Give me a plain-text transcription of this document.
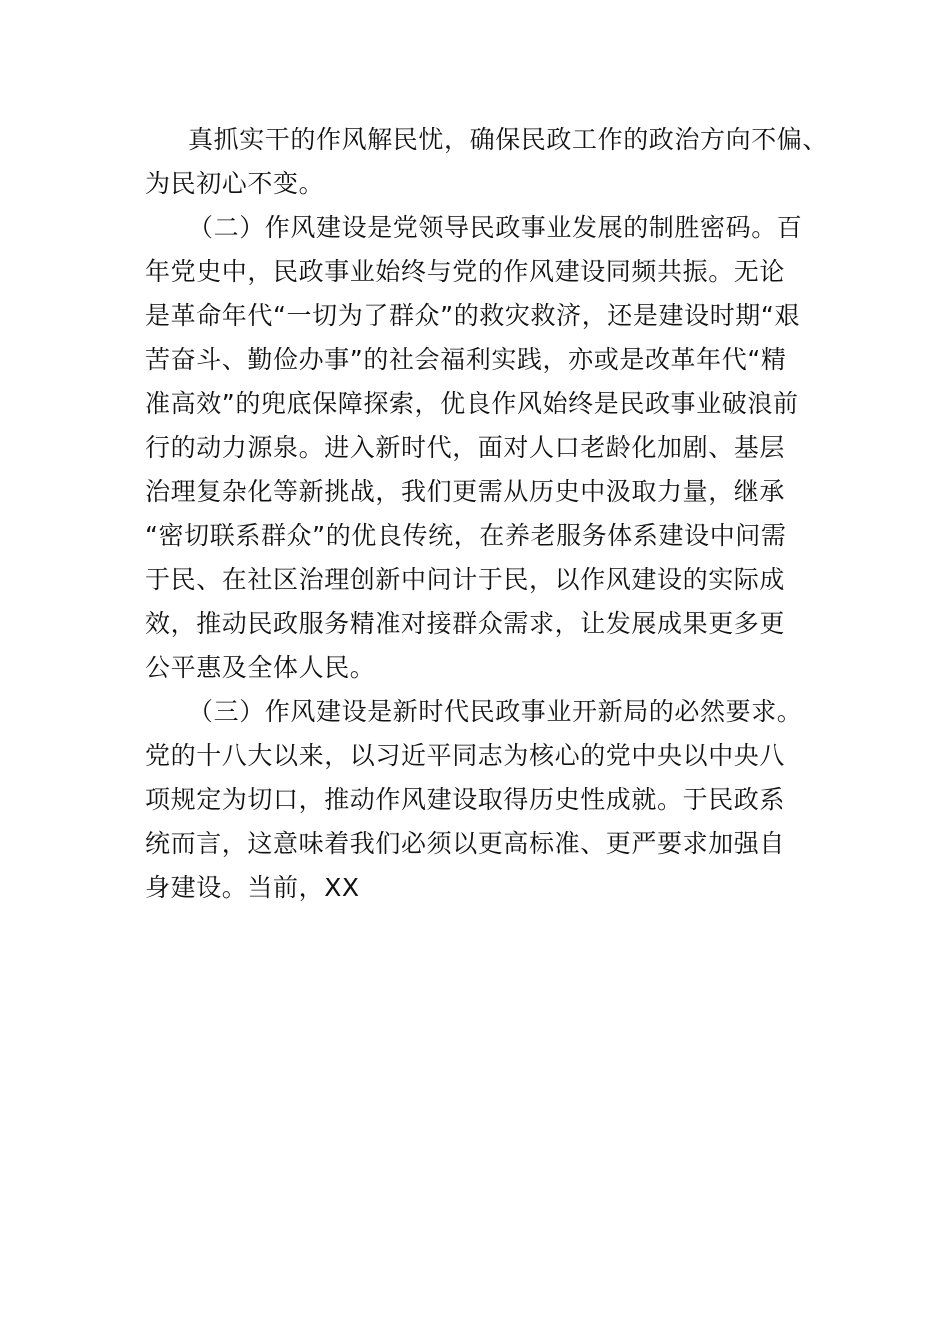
真抓实干的作风解民忧，确保民政工作的政治方向不偏、
为民初心不变。
（二）作风建设是党领导民政事业发展的制胜密码。百
年党史中，民政事业始终与党的作风建设同频共振。无论
是革命年代“一切为了群众”的救灾救济，还是建设时期“艰
苦奋斗、勤俭办事”的社会福利实践，亦或是改革年代“精
准高效”的兜底保障探索，优良作风始终是民政事业破浪前
行的动力源泉。进入新时代，面对人口老龄化加剧、基层
治理复杂化等新挑战，我们更需从历史中汲取力量，继承
“密切联系群众”的优良传统，在养老服务体系建设中问需
于民、在社区治理创新中问计于民，以作风建设的实际成
效，推动民政服务精准对接群众需求，让发展成果更多更
公平惠及全体人民。
（三）作风建设是新时代民政事业开新局的必然要求。
党的十八大以来，以习近平同志为核心的党中央以中央八
项规定为切口，推动作风建设取得历史性成就。于民政系
统而言，这意味着我们必须以更高标准、更严要求加强自
身建设。当前，XX
